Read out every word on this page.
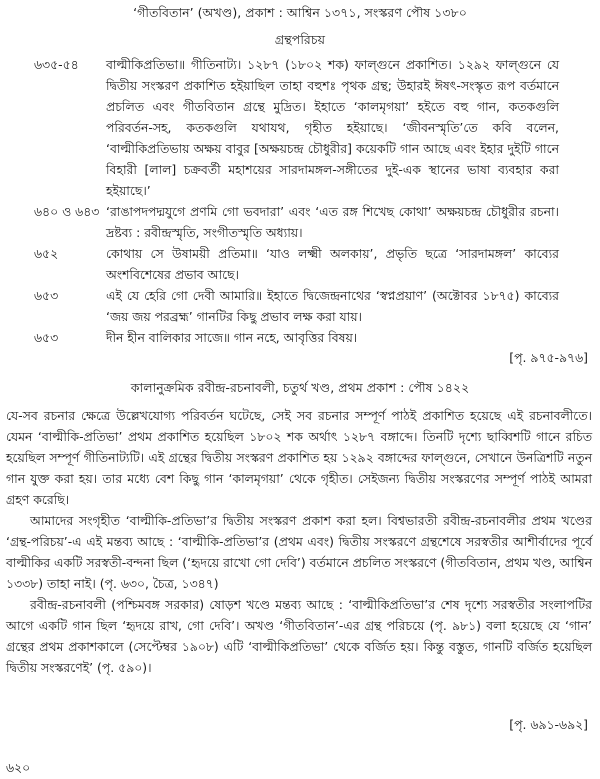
‘গীতবিতান’ (অখণ্ড), প্রকাশ : আশ্বিন ১৩৭১, সংস্করণ পৌষ ১৩৮০
গ্রন্থপরিচয়
৬৩৫-৫৪	বাল্মীকিপ্রতিভা॥ গীতিনাট্য। ১২৮৭ (১৮০২ শক) ফাল্গুনে প্রকাশিত। ১২৯২ ফাল্গুনে যে দ্বিতীয় সংস্করণ প্রকাশিত হইয়াছিল তাহা বহুশঃ পৃথক গ্রন্থ; উহারই ঈষৎ-সংস্কৃত রূপ বর্তমানে প্রচলিত এবং গীতবিতান গ্রন্থে মুদ্রিত। ইহাতে ‘কালমৃগয়া’ হইতে বহু গান, কতকগুলি পরিবর্তন-সহ, কতকগুলি যথাযথ, গৃহীত হইয়াছে। ‘জীবনস্মৃতি’তে কবি বলেন, ‘বাল্মীকিপ্রতিভায় অক্ষয় বাবুর [অক্ষয়চন্দ্র চৌধুরীর] কয়েকটি গান আছে এবং ইহার দুইটি গানে বিহারী [লাল] চক্রবর্তী মহাশয়ের সারদামঙ্গল-সঙ্গীতের দুই-এক স্থানের ভাষা ব্যবহার করা হইয়াছে।’
৬৪০ ও ৬৪৩ ‘রাঙাপদপদ্মযুগে প্রণমি গো ভবদারা’ এবং ‘এত রঙ্গ শিখেছ কোথা’ অক্ষয়চন্দ্র চৌধুরীর রচনা। দ্রষ্টব্য : রবীন্দ্রস্মৃতি, সংগীতস্মৃতি অধ্যায়।
৬৫২	কোথায় সে উষাময়ী প্রতিমা॥ ‘যাও লক্ষ্মী অলকায়’, প্রভৃতি ছত্রে ‘সারদামঙ্গল’ কাব্যের অংশবিশেষের প্রভাব আছে।
৬৫৩	এই যে হেরি গো দেবী আমারি॥ ইহাতে দ্বিজেন্দ্রনাথের ‘স্বপ্নপ্রয়াণ’ (অক্টোবর ১৮৭৫) কাব্যের ‘জয় জয় পরব্রহ্ম’ গানটির কিছু প্রভাব লক্ষ করা যায়।
৬৫৩	দীন হীন বালিকার সাজে॥ গান নহে, আবৃত্তির বিষয়।
[পৃ. ৯৭৫-৯৭৬]
কালানুক্রমিক রবীন্দ্র-রচনাবলী, চতুর্থ খণ্ড, প্রথম প্রকাশ : পৌষ ১৪২২

যে-সব রচনার ক্ষেত্রে উল্লেখযোগ্য পরিবর্তন ঘটেছে, সেই সব রচনার সম্পূর্ণ পাঠই প্রকাশিত হয়েছে এই রচনাবলীতে। যেমন ‘বাল্মীকি-প্রতিভা’ প্রথম প্রকাশিত হয়েছিল ১৮০২ শক অর্থাৎ ১২৮৭ বঙ্গাব্দে। তিনটি দৃশ্যে ছাব্বিশটি গানে রচিত হয়েছিল সম্পূর্ণ গীতিনাট্যটি। এই গ্রন্থের দ্বিতীয় সংস্করণ প্রকাশিত হয় ১২৯২ বঙ্গাব্দের ফাল্গুনে, সেখানে উনত্রিশটি নতুন গান যুক্ত করা হয়। তার মধ্যে বেশ কিছু গান ‘কালমৃগয়া’ থেকে গৃহীত। সেইজন্য দ্বিতীয় সংস্করণের সম্পূর্ণ পাঠই আমরা গ্রহণ করেছি।

আমাদের সংগৃহীত ‘বাল্মীকি-প্রতিভা’র দ্বিতীয় সংস্করণ প্রকাশ করা হল। বিশ্বভারতী রবীন্দ্র-রচনাবলীর প্রথম খণ্ডের ‘গ্রন্থ-পরিচয়’-এ এই মন্তব্য আছে : ‘বাল্মীকি-প্রতিভা’র (প্রথম এবং) দ্বিতীয় সংস্করণে গ্রন্থশেষে সরস্বতীর আশীর্বাদের পূর্বে বাল্মীকির একটি সরস্বতী-বন্দনা ছিল (‘হৃদয়ে রাখো গো দেবি’) বর্তমানে প্রচলিত সংস্করণে (গীতবিতান, প্রথম খণ্ড, আশ্বিন ১৩৩৮) তাহা নাই। (পৃ. ৬৩০, চৈত্র, ১৩৪৭)

রবীন্দ্র-রচনাবলী (পশ্চিমবঙ্গ সরকার) ষোড়শ খণ্ডে মন্তব্য আছে : ‘বাল্মীকিপ্রতিভা’র শেষ দৃশ্যে সরস্বতীর সংলাপটির আগে একটি গান ছিল ‘হৃদয়ে রাখ, গো দেবি’। অখণ্ড ‘গীতবিতান’-এর গ্রন্থ পরিচয়ে (পৃ. ৯৮১) বলা হয়েছে যে ‘গান’ গ্রন্থের প্রথম প্রকাশকালে (সেপ্টেম্বর ১৯০৮) এটি ‘বাল্মীকিপ্রতিভা’ থেকে বর্জিত হয়। কিন্তু বস্তুত, গানটি বর্জিত হয়েছিল দ্বিতীয় সংস্করণেই’ (পৃ. ৫৯০)।

[পৃ. ৬৯১-৬৯২]
৬২০
